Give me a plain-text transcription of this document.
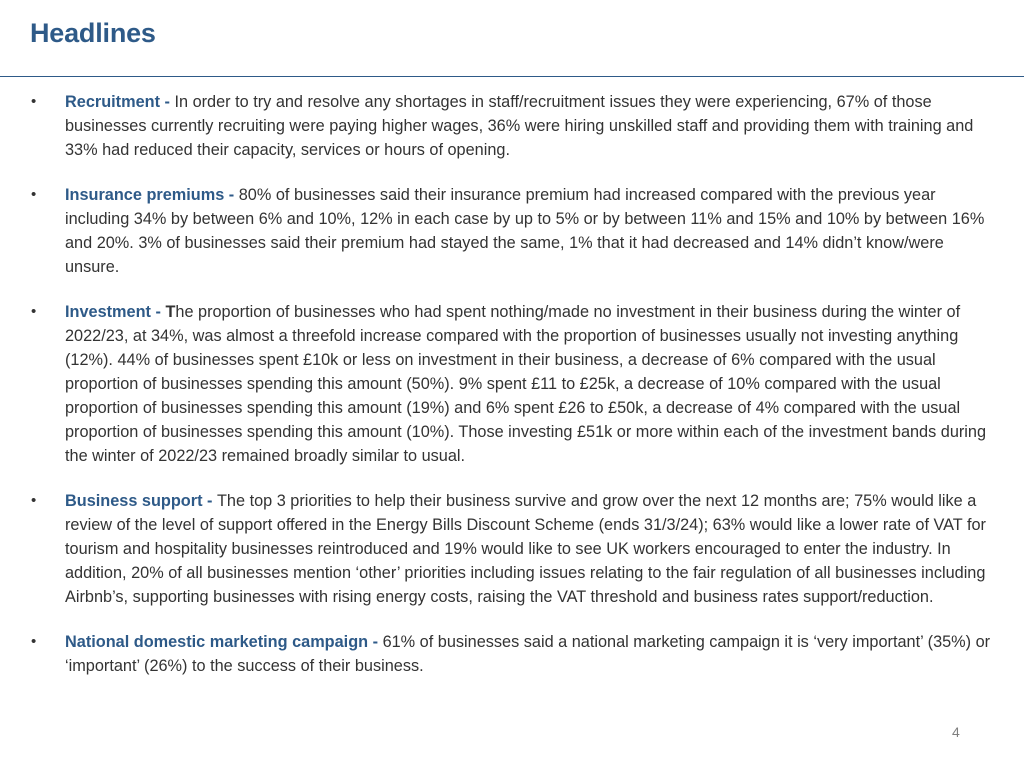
Headlines
• Recruitment - In order to try and resolve any shortages in staff/recruitment issues they were experiencing, 67% of those businesses currently recruiting were paying higher wages, 36% were hiring unskilled staff and providing them with training and 33% had reduced their capacity, services or hours of opening.
• Insurance premiums - 80% of businesses said their insurance premium had increased compared with the previous year including 34% by between 6% and 10%, 12% in each case by up to 5% or by between 11% and 15% and 10% by between 16% and 20%. 3% of businesses said their premium had stayed the same, 1% that it had decreased and 14% didn’t know/were unsure.
• Investment - The proportion of businesses who had spent nothing/made no investment in their business during the winter of 2022/23, at 34%, was almost a threefold increase compared with the proportion of businesses usually not investing anything (12%). 44% of businesses spent £10k or less on investment in their business, a decrease of 6% compared with the usual proportion of businesses spending this amount (50%). 9% spent £11 to £25k, a decrease of 10% compared with the usual proportion of businesses spending this amount (19%) and 6% spent £26 to £50k, a decrease of 4% compared with the usual proportion of businesses spending this amount (10%). Those investing £51k or more within each of the investment bands during the winter of 2022/23 remained broadly similar to usual.
• Business support - The top 3 priorities to help their business survive and grow over the next 12 months are; 75% would like a review of the level of support offered in the Energy Bills Discount Scheme (ends 31/3/24); 63% would like a lower rate of VAT for tourism and hospitality businesses reintroduced and 19% would like to see UK workers encouraged to enter the industry. In addition, 20% of all businesses mention ‘other’ priorities including issues relating to the fair regulation of all businesses including Airbnb’s, supporting businesses with rising energy costs, raising the VAT threshold and business rates support/reduction.
• National domestic marketing campaign - 61% of businesses said a national marketing campaign it is ‘very important’ (35%) or ‘important’ (26%) to the success of their business.
4
